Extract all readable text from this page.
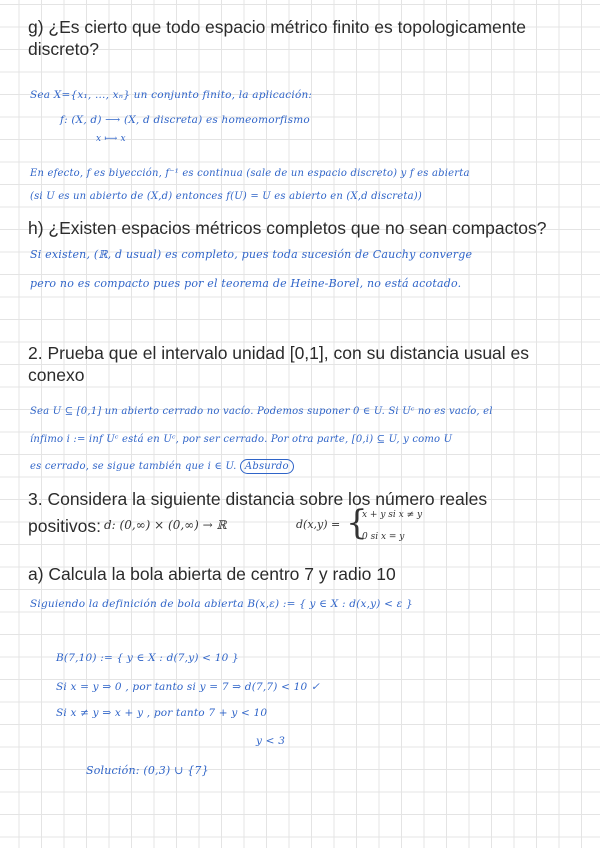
g) ¿Es cierto que todo espacio métrico finito es topologicamente discreto?
Sea X={x₁, ..., xₙ} un conjunto finito, la aplicación:
f: (X, d) ⟶ (X, d discreta) es homeomorfismo
x ⟼ x
En efecto, f es biyección, f⁻¹ es continua (sale de un espacio discreto) y f es abierta
(si U es un abierto de (X,d) entonces f(U) = U es abierto en (X,d discreta))
h) ¿Existen espacios métricos completos que no sean compactos?
Si existen, (ℝ, d usual) es completo, pues toda sucesión de Cauchy converge
pero no es compacto pues por el teorema de Heine-Borel, no está acotado.
2. Prueba que el intervalo unidad [0,1], con su distancia usual es conexo
Sea U ⊆ [0,1] un abierto cerrado no vacío. Podemos suponer 0 ∈ U. Si Uᶜ no es vacío, el
ínfimo i := inf Uᶜ está en Uᶜ, por ser cerrado. Por otra parte, [0,i) ⊆ U, y como U
es cerrado, se sigue también que i ∈ U. Absurdo
3. Considera la siguiente distancia sobre los número reales
positivos: d: (0,∞) × (0,∞) → ℝ	d(x,y) = {
x + y si x ≠ y
0 si x = y
a) Calcula la bola abierta de centro 7 y radio 10
Siguiendo la definición de bola abierta B(x,ε) := { y ∈ X : d(x,y) < ε }
B(7,10) := { y ∈ X : d(7,y) < 10 }
Si x = y ⇒ 0 , por tanto si y = 7 ⇒ d(7,7) < 10 ✓
Si x ≠ y ⇒ x + y , por tanto 7 + y < 10
y < 3
Solución: (0,3) ∪ {7}
